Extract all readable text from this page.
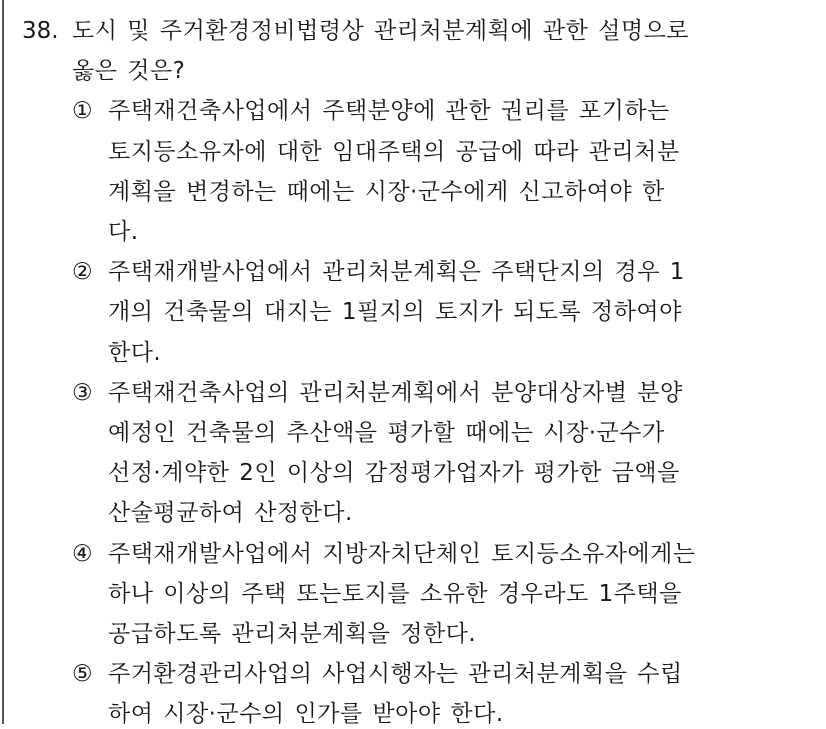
38. 도시 및 주거환경정비법령상 관리처분계획에 관한 설명으로
옳은 것은?
① 주택재건축사업에서 주택분양에 관한 권리를 포기하는
토지등소유자에 대한 임대주택의 공급에 따라 관리처분
계획을 변경하는 때에는 시장·군수에게 신고하여야 한
다.
② 주택재개발사업에서 관리처분계획은 주택단지의 경우 1
개의 건축물의 대지는 1필지의 토지가 되도록 정하여야
한다.
③ 주택재건축사업의 관리처분계획에서 분양대상자별 분양
예정인 건축물의 추산액을 평가할 때에는 시장·군수가
선정·계약한 2인 이상의 감정평가업자가 평가한 금액을
산술평균하여 산정한다.
④ 주택재개발사업에서 지방자치단체인 토지등소유자에게는
하나 이상의 주택 또는토지를 소유한 경우라도 1주택을
공급하도록 관리처분계획을 정한다.
⑤ 주거환경관리사업의 사업시행자는 관리처분계획을 수립
하여 시장·군수의 인가를 받아야 한다.
